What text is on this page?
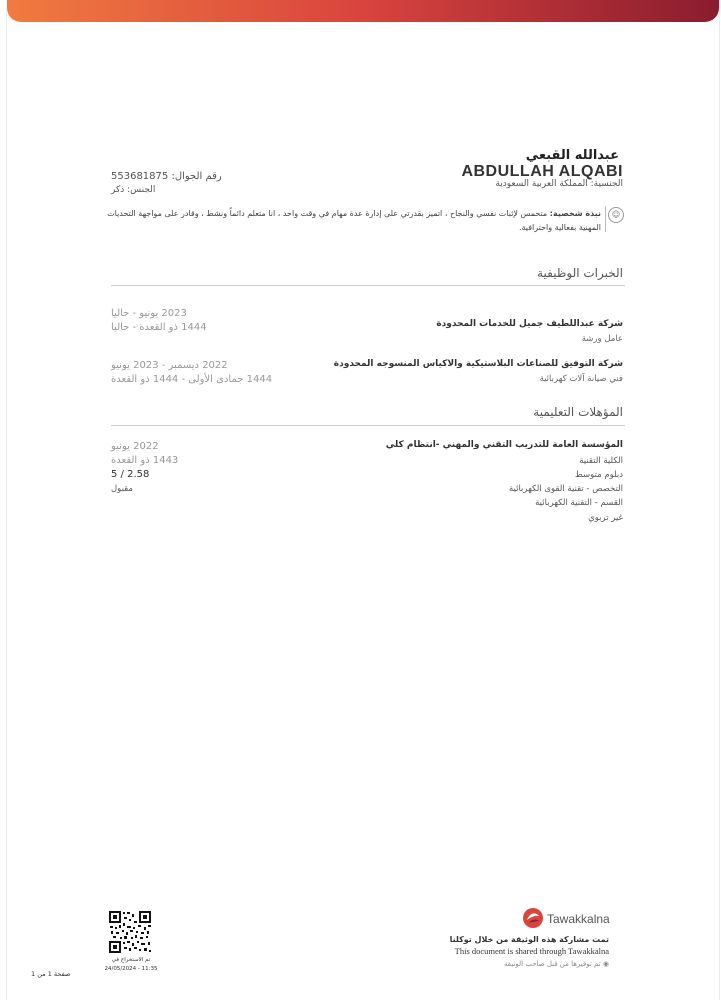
عبدالله القبعي
ABDULLAH ALQABI
الجنسية: المملكة العربية السعودية
رقم الجوال: 553681875
الجنس: ذكر
☺
نبذة شخصية: متحمس لإثبات نفسي والنجاح ، اتميز بقدرتي على إدارة عدة مهام في وقت واحد ، انا متعلم دائماً ونشط ، وقادر على مواجهة التحديات المهنية بفعالية واحترافية.
الخبرات الوظيفية
شركة عبداللطيف جميل للخدمات المحدودة
عامل ورشة
2023 يونيو - حاليا
1444 ذو القعدة - حاليا
شركة التوفيق للصناعات البلاستيكية والاكياس المنسوجه المحدودة
فني صيانة آلات كهربائية
2022 ديسمبر - 2023 يونيو
1444 جمادى الأولى - 1444 ذو القعدة
المؤهلات التعليمية
المؤسسة العامة للتدريب التقني والمهني -انتظام كلي
الكلية التقنية
دبلوم متوسط
التخصص - تقنية القوى الكهربائية
القسم - التقنية الكهربائية
غير تربوي
2022 يونيو
1443 ذو القعدة
5 / 2.58
مقبول
تم الاستخراج في
24/05/2024 - 11:35
صفحة 1 من 1
Tawakkalna
تمت مشاركة هذه الوثيقة من خلال توكلنا
This document is shared through Tawakkalna
◉ تم توفيرها من قبل صاحب الوثيقة
